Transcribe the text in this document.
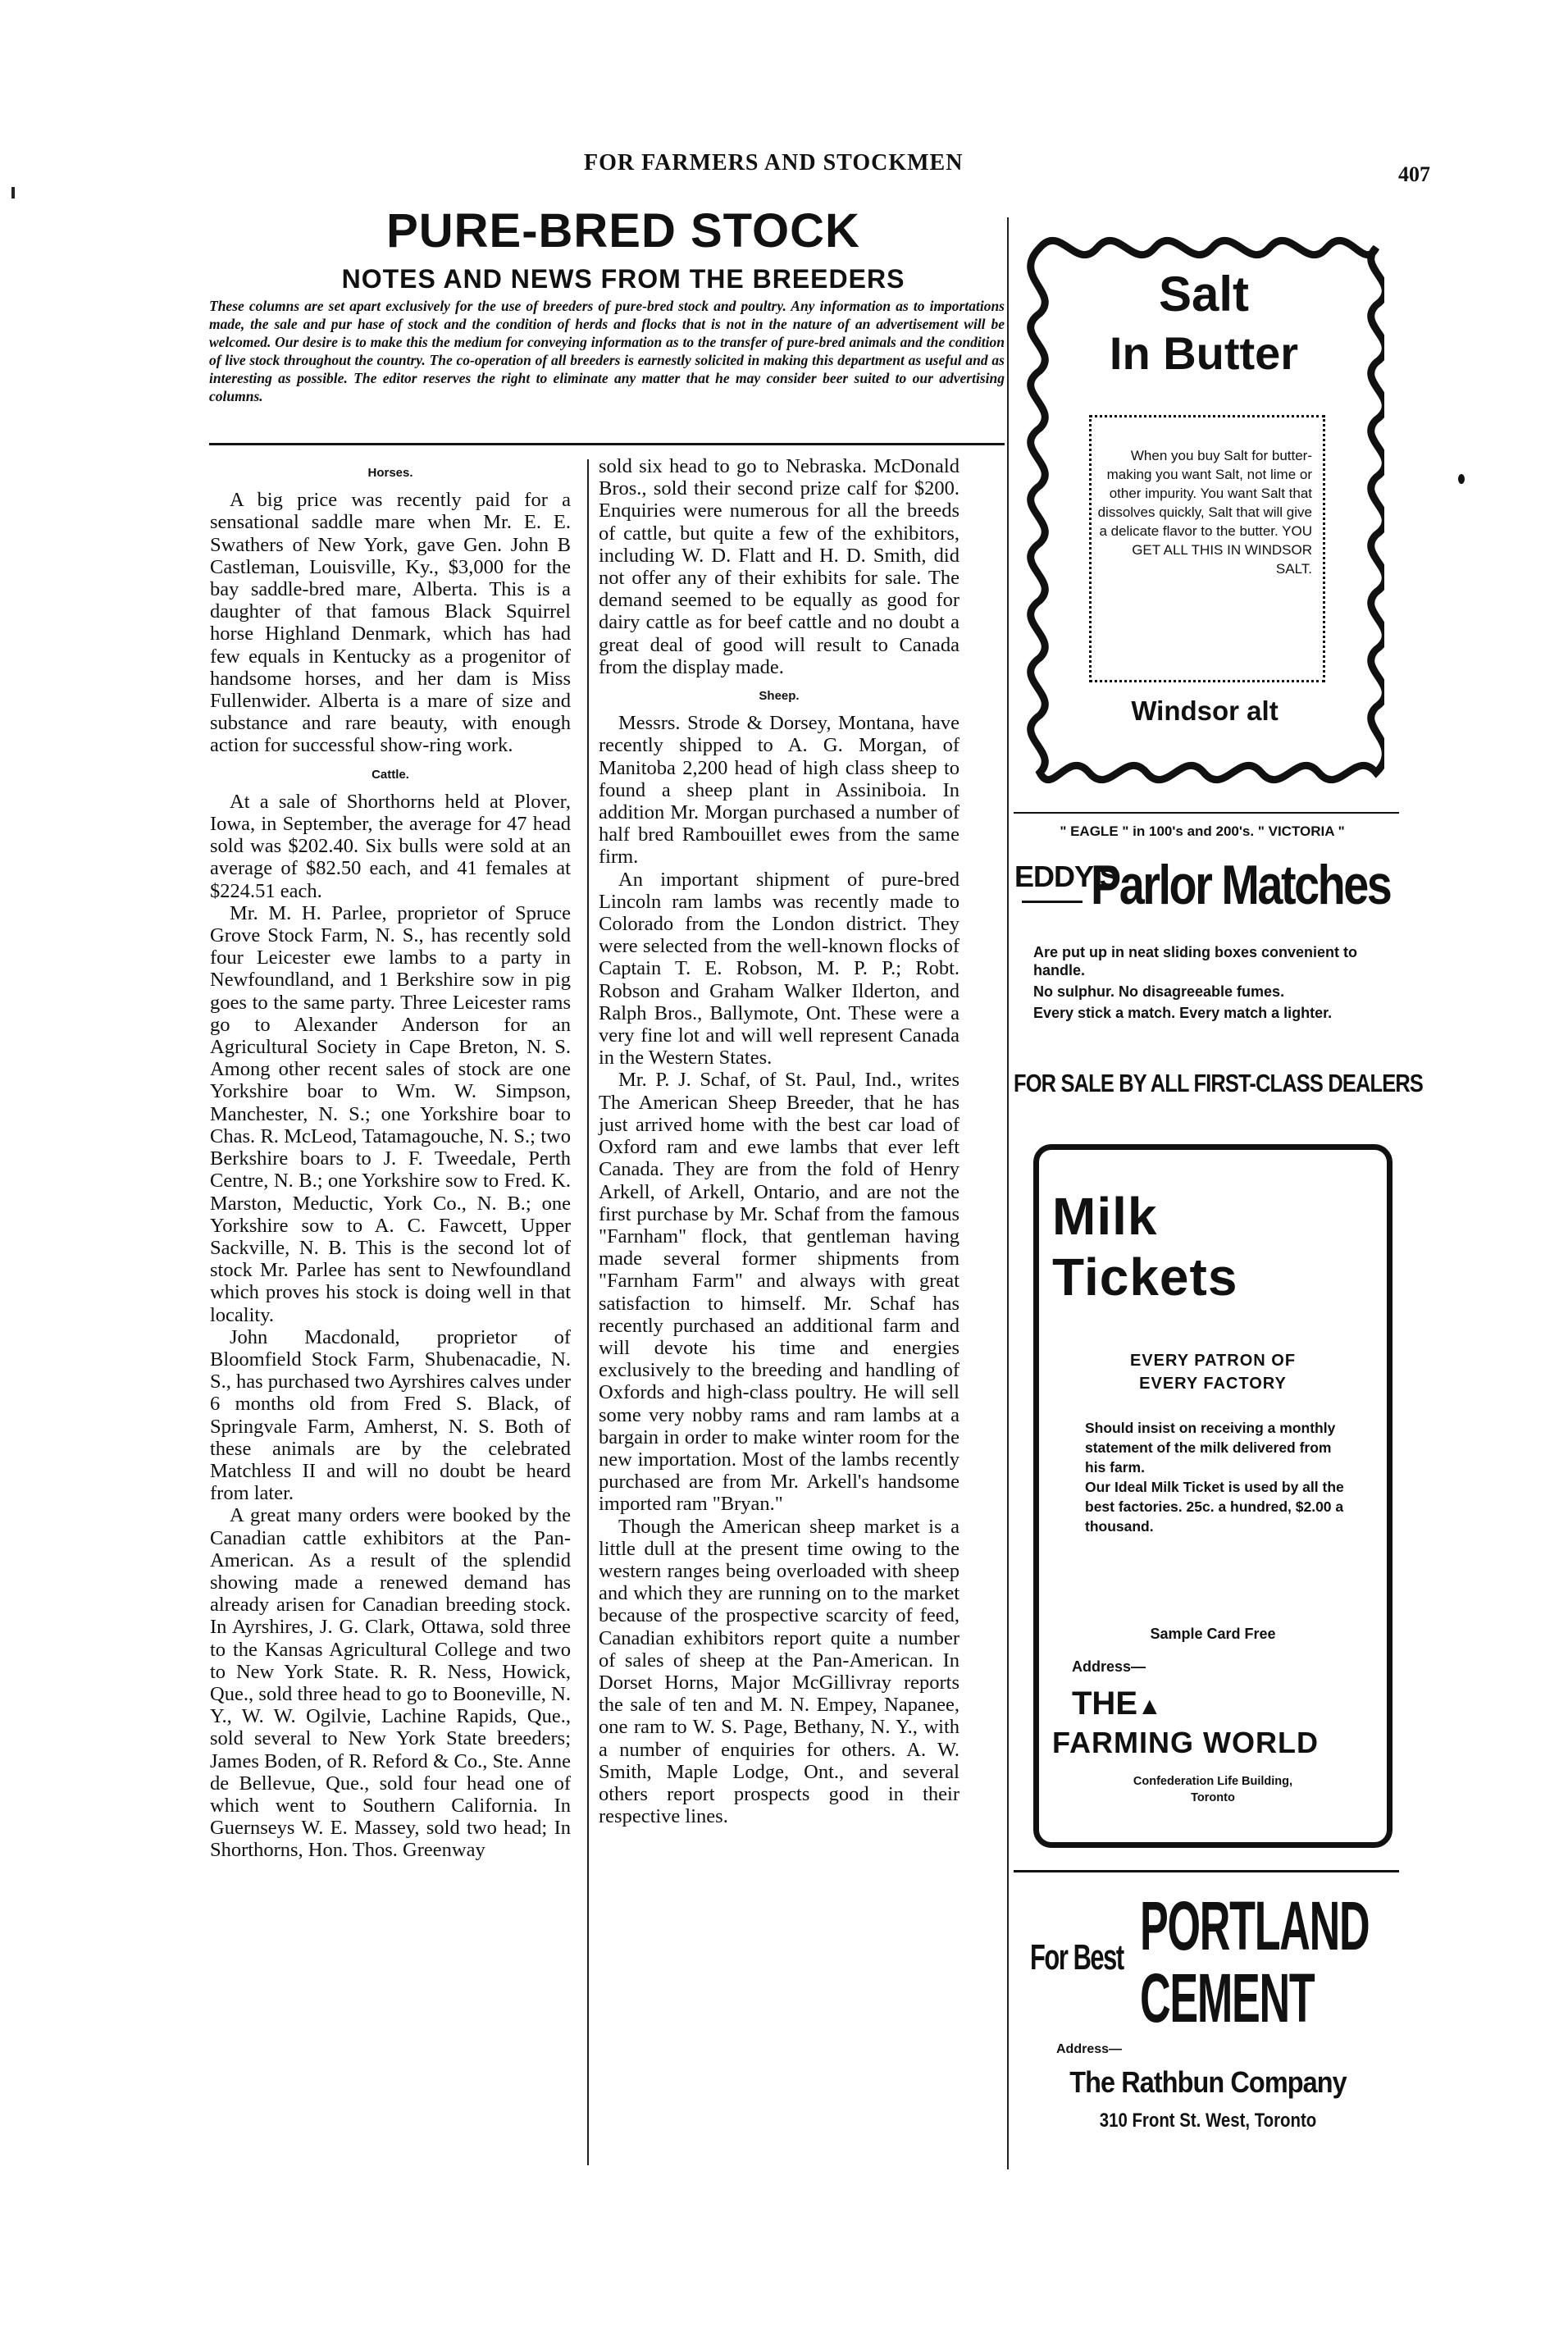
FOR FARMERS AND STOCKMEN	407
PURE-BRED STOCK
NOTES AND NEWS FROM THE BREEDERS
These columns are set apart exclusively for the use of breeders of pure-bred stock and poultry. Any information as to importations made, the sale and pur hase of stock and the condition of herds and flocks that is not in the nature of an advertisement will be welcomed. Our desire is to make this the medium for conveying information as to the transfer of pure-bred animals and the condition of live stock throughout the country. The co-operation of all breeders is earnestly solicited in making this department as useful and as interesting as possible. The editor reserves the right to eliminate any matter that he may consider beer suited to our advertising columns.

Horses.

A big price was recently paid for a sensational saddle mare when Mr. E. E. Swathers of New York, gave Gen. John B Castleman, Louisville, Ky., $3,000 for the bay saddle-bred mare, Alberta. This is a daughter of that famous Black Squirrel horse Highland Denmark, which has had few equals in Kentucky as a progenitor of handsome horses, and her dam is Miss Fullenwider. Alberta is a mare of size and substance and rare beauty, with enough action for successful show-ring work.

Cattle.

At a sale of Shorthorns held at Plover, Iowa, in September, the average for 47 head sold was $202.40. Six bulls were sold at an average of $82.50 each, and 41 females at $224.51 each.

Mr. M. H. Parlee, proprietor of Spruce Grove Stock Farm, N. S., has recently sold four Leicester ewe lambs to a party in Newfoundland, and 1 Berkshire sow in pig goes to the same party. Three Leicester rams go to Alexander Anderson for an Agricultural Society in Cape Breton, N. S. Among other recent sales of stock are one Yorkshire boar to Wm. W. Simpson, Manchester, N. S.; one Yorkshire boar to Chas. R. McLeod, Tatamagouche, N. S.; two Berkshire boars to J. F. Tweedale, Perth Centre, N. B.; one Yorkshire sow to Fred. K. Marston, Meductic, York Co., N. B.; one Yorkshire sow to A. C. Fawcett, Upper Sackville, N. B. This is the second lot of stock Mr. Parlee has sent to Newfoundland which proves his stock is doing well in that locality.

John Macdonald, proprietor of Bloomfield Stock Farm, Shubenacadie, N. S., has purchased two Ayrshires calves under 6 months old from Fred S. Black, of Springvale Farm, Amherst, N. S. Both of these animals are by the celebrated Matchless II and will no doubt be heard from later.

A great many orders were booked by the Canadian cattle exhibitors at the Pan-American. As a result of the splendid showing made a renewed demand has already arisen for Canadian breeding stock. In Ayrshires, J. G. Clark, Ottawa, sold three to the Kansas Agricultural College and two to New York State. R. R. Ness, Howick, Que., sold three head to go to Booneville, N. Y., W. W. Ogilvie, Lachine Rapids, Que., sold several to New York State breeders; James Boden, of R. Reford & Co., Ste. Anne de Bellevue, Que., sold four head one of which went to Southern California. In Guernseys W. E. Massey, sold two head; In Shorthorns, Hon. Thos. Greenway

sold six head to go to Nebraska. McDonald Bros., sold their second prize calf for $200. Enquiries were numerous for all the breeds of cattle, but quite a few of the exhibitors, including W. D. Flatt and H. D. Smith, did not offer any of their exhibits for sale. The demand seemed to be equally as good for dairy cattle as for beef cattle and no doubt a great deal of good will result to Canada from the display made.

Sheep.

Messrs. Strode & Dorsey, Montana, have recently shipped to A. G. Morgan, of Manitoba 2,200 head of high class sheep to found a sheep plant in Assiniboia. In addition Mr. Morgan purchased a number of half bred Rambouillet ewes from the same firm.

An important shipment of pure-bred Lincoln ram lambs was recently made to Colorado from the London district. They were selected from the well-known flocks of Captain T. E. Robson, M. P. P.; Robt. Robson and Graham Walker Ilderton, and Ralph Bros., Ballymote, Ont. These were a very fine lot and will well represent Canada in the Western States.

Mr. P. J. Schaf, of St. Paul, Ind., writes The American Sheep Breeder, that he has just arrived home with the best car load of Oxford ram and ewe lambs that ever left Canada. They are from the fold of Henry Arkell, of Arkell, Ontario, and are not the first purchase by Mr. Schaf from the famous "Farnham" flock, that gentleman having made several former shipments from "Farnham Farm" and always with great satisfaction to himself. Mr. Schaf has recently purchased an additional farm and will devote his time and energies exclusively to the breeding and handling of Oxfords and high-class poultry. He will sell some very nobby rams and ram lambs at a bargain in order to make winter room for the new importation. Most of the lambs recently purchased are from Mr. Arkell's handsome imported ram "Bryan."

Though the American sheep market is a little dull at the present time owing to the western ranges being overloaded with sheep and which they are running on to the market because of the prospective scarcity of feed, Canadian exhibitors report quite a number of sales of sheep at the Pan-American. In Dorset Horns, Major McGillivray reports the sale of ten and M. N. Empey, Napanee, one ram to W. S. Page, Bethany, N. Y., with a number of enquiries for others. A. W. Smith, Maple Lodge, Ont., and several others report prospects good in their respective lines.

Salt
In Butter
When you buy Salt for butter-making you want Salt, not lime or other impurity. You want Salt that dissolves quickly, Salt that will give a delicate flavor to the butter. YOU GET ALL THIS IN WINDSOR SALT.
Windsor alt
" EAGLE " in 100's and 200's. " VICTORIA "
EDDY'S
Parlor Matches

Are put up in neat sliding boxes convenient to handle.

No sulphur. No disagreeable fumes.

Every stick a match. Every match a lighter.

FOR SALE BY ALL FIRST-CLASS DEALERS
Milk
Tickets
EVERY PATRON OF
EVERY FACTORY

Should insist on receiving a monthly statement of the milk delivered from his farm.

Our Ideal Milk Ticket is used by all the best factories. 25c. a hundred, $2.00 a thousand.

Sample Card Free
Address—
THE▲
FARMING WORLD
Confederation Life Building,
Toronto
For Best PORTLAND
CEMENT
Address—
The Rathbun Company
310 Front St. West, Toronto
